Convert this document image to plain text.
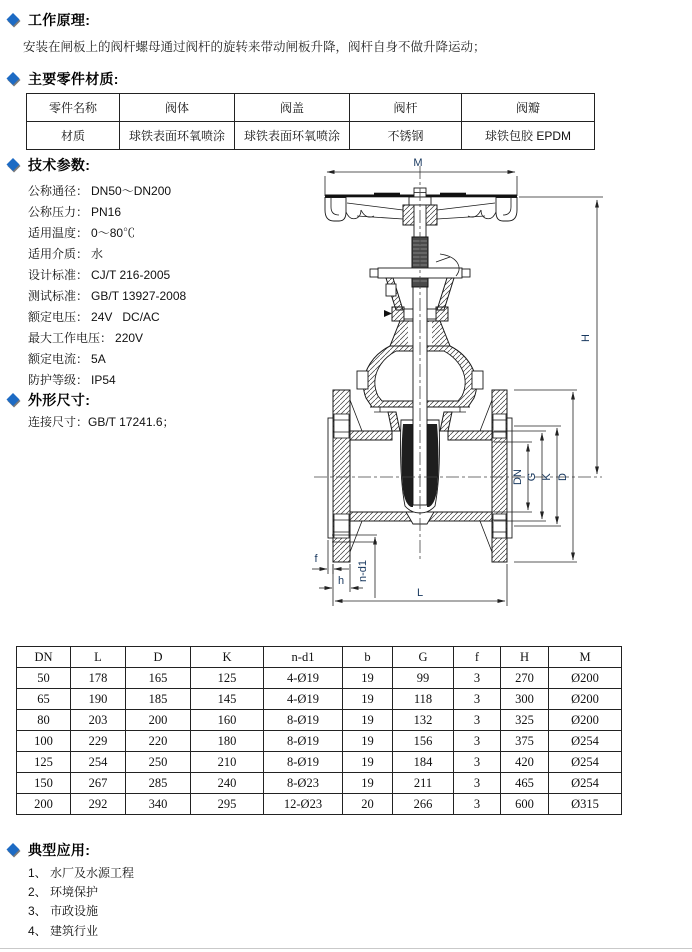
工作原理:
安装在闸板上的阀杆螺母通过阀杆的旋转来带动闸板升降，阀杆自身不做升降运动；
主要零件材质:
零件名称	阀体	阀盖	阀杆	阀瓣
材质	球铁表面环氧喷涂	球铁表面环氧喷涂	不锈钢	球铁包胶 EPDM
技术参数:
公称通径： DN50～DN200
公称压力： PN16
适用温度： 0～80℃
适用介质： 水
设计标准： CJ/T 216-2005
测试标准： GB/T 13927-2008
额定电压： 24V   DC/AC
最大工作电压： 220V
额定电流： 5A
防护等级： IP54
外形尺寸:
连接尺寸：GB/T 17241.6；
M
H
DN G K D
f
h n-d1
L
DN	L	D	K	n-d1	b	G	f	H	M
50	178	165	125	4-Ø19	19	99	3	270	Ø200
65	190	185	145	4-Ø19	19	118	3	300	Ø200
80	203	200	160	8-Ø19	19	132	3	325	Ø200
100	229	220	180	8-Ø19	19	156	3	375	Ø254
125	254	250	210	8-Ø19	19	184	3	420	Ø254
150	267	285	240	8-Ø23	19	211	3	465	Ø254
200	292	340	295	12-Ø23	20	266	3	600	Ø315
典型应用:
1、 水厂及水源工程
2、 环境保护
3、 市政设施
4、 建筑行业
